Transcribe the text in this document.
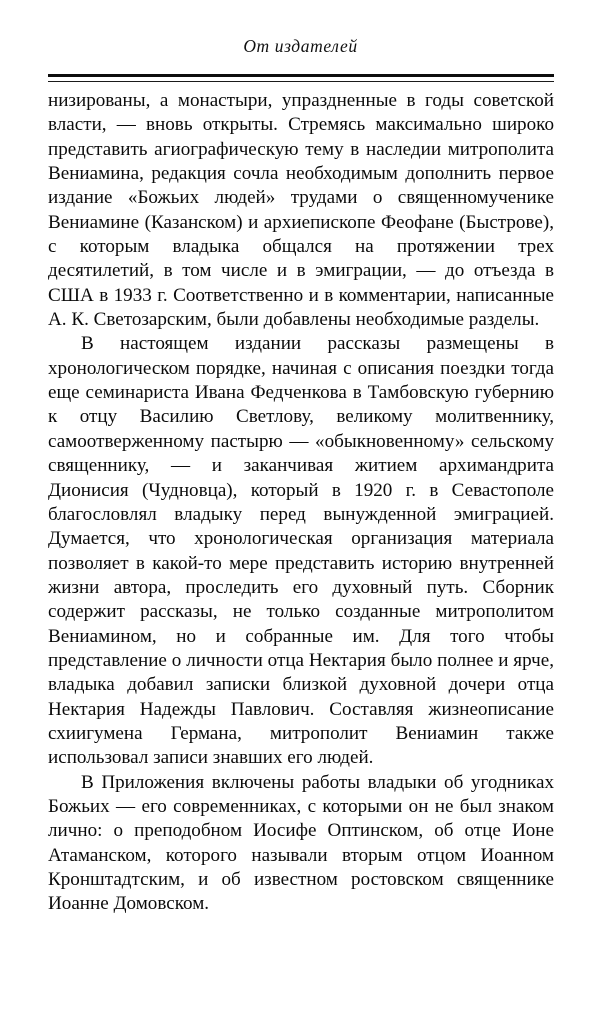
От издателей

низированы, а монастыри, упраздненные в годы советской власти, — вновь открыты. Стремясь максимально широко представить агиографическую тему в наследии митрополита Вениамина, редакция сочла необходимым дополнить первое издание «Божьих людей» трудами о священномученике Вениамине (Казанском) и архиепископе Феофане (Быстрове), с которым владыка общался на протяжении трех десятилетий, в том числе и в эмиграции, — до отъезда в США в 1933 г. Соответственно и в комментарии, написанные А. К. Светозарским, были добавлены необходимые разделы.

В настоящем издании рассказы размещены в хронологическом порядке, начиная с описания поездки тогда еще семинариста Ивана Федченкова в Тамбовскую губернию к отцу Василию Светлову, великому молитвеннику, самоотверженному пастырю — «обыкновенному» сельскому священнику, — и заканчивая житием архимандрита Дионисия (Чудновца), который в 1920 г. в Севастополе благословлял владыку перед вынужденной эмиграцией. Думается, что хронологическая организация материала позволяет в какой-то мере представить историю внутренней жизни автора, проследить его духовный путь. Сборник содержит рассказы, не только созданные митрополитом Вениамином, но и собранные им. Для того чтобы представление о личности отца Нектария было полнее и ярче, владыка добавил записки близкой духовной дочери отца Нектария Надежды Павлович. Составляя жизнеописание схиигумена Германа, митрополит Вениамин также использовал записи знавших его людей.

В Приложения включены работы владыки об угодниках Божьих — его современниках, с которыми он не был знаком лично: о преподобном Иосифе Оптинском, об отце Ионе Атаманском, которого называли вторым отцом Иоанном Кронштадтским, и об известном ростовском священнике Иоанне Домовском.
